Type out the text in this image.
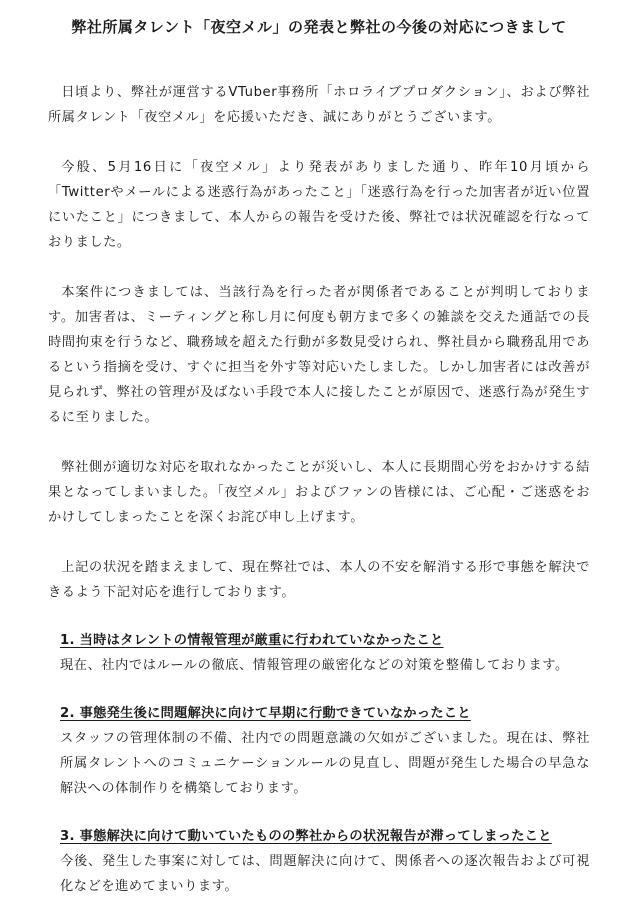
弊社所属タレント「夜空メル」の発表と弊社の今後の対応につきまして

日頃より、弊社が運営するVTuber事務所「ホロライブプロダクション」、および弊社所属タレント「夜空メル」を応援いただき、誠にありがとうございます。

今般、5月16日に「夜空メル」より発表がありました通り、昨年10月頃から「Twitterやメールによる迷惑行為があったこと」「迷惑行為を行った加害者が近い位置にいたこと」につきまして、本人からの報告を受けた後、弊社では状況確認を行なっておりました。

本案件につきましては、当該行為を行った者が関係者であることが判明しております。加害者は、ミーティングと称し月に何度も朝方まで多くの雑談を交えた通話での長時間拘束を行うなど、職務域を超えた行動が多数見受けられ、弊社員から職務乱用であるという指摘を受け、すぐに担当を外す等対応いたしました。しかし加害者には改善が見られず、弊社の管理が及ばない手段で本人に接したことが原因で、迷惑行為が発生するに至りました。

弊社側が適切な対応を取れなかったことが災いし、本人に長期間心労をおかけする結果となってしまいました。「夜空メル」およびファンの皆様には、ご心配・ご迷惑をおかけしてしまったことを深くお詫び申し上げます。

上記の状況を踏まえまして、現在弊社では、本人の不安を解消する形で事態を解決できるよう下記対応を進行しております。

1. 当時はタレントの情報管理が厳重に行われていなかったこと
現在、社内ではルールの徹底、情報管理の厳密化などの対策を整備しております。
2. 事態発生後に問題解決に向けて早期に行動できていなかったこと
スタッフの管理体制の不備、社内での問題意識の欠如がございました。現在は、弊社所属タレントへのコミュニケーションルールの見直し、問題が発生した場合の早急な解決への体制作りを構築しております。
3. 事態解決に向けて動いていたものの弊社からの状況報告が滞ってしまったこと
今後、発生した事案に対しては、問題解決に向けて、関係者への逐次報告および可視化などを進めてまいります。
